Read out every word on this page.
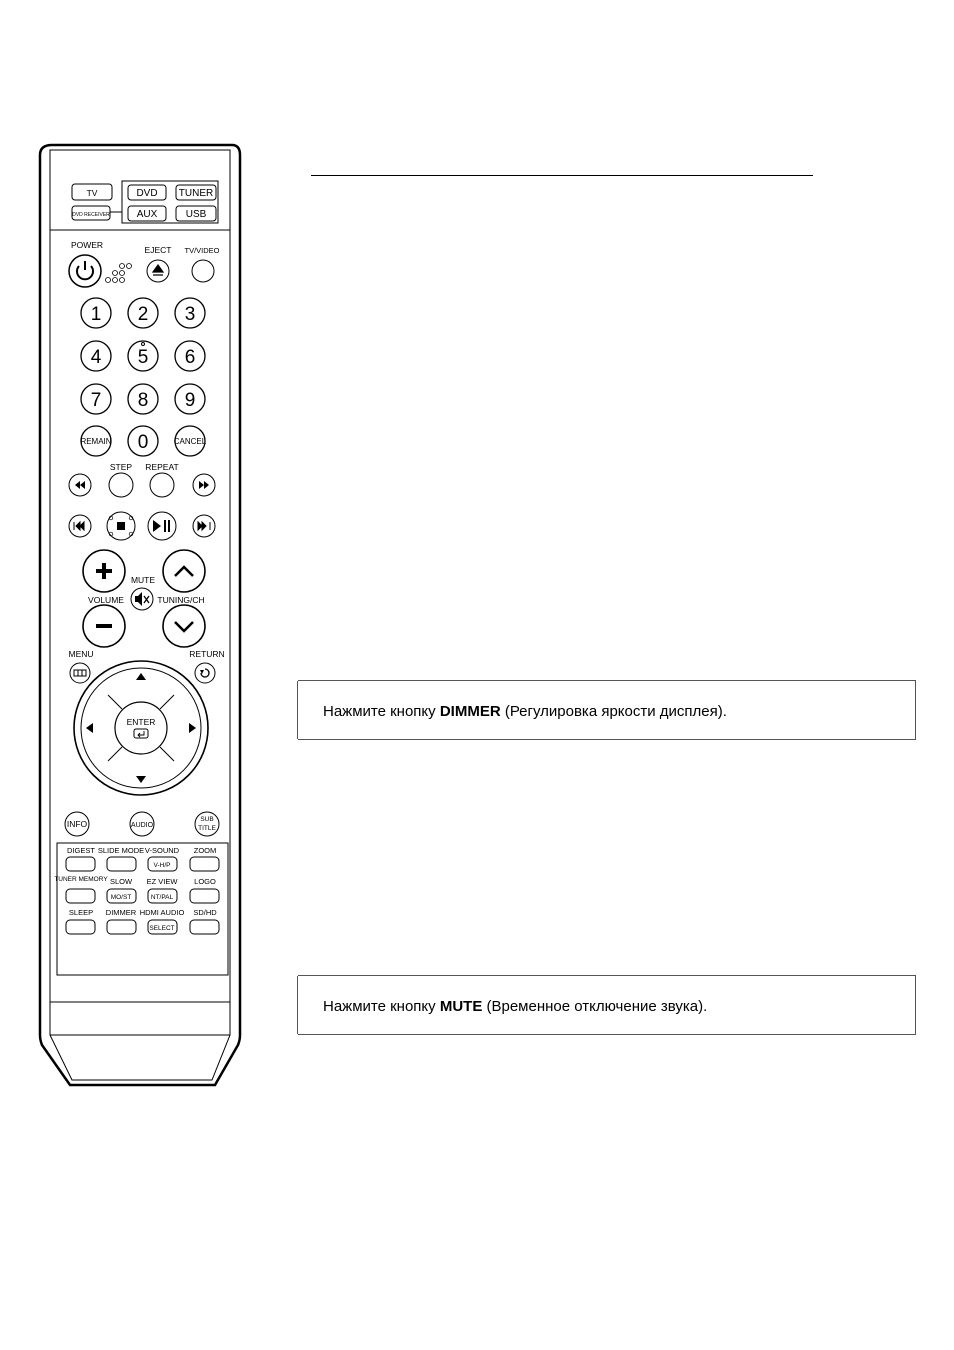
TV	DVD TUNER
DVD RECEIVER	AUX	USB
POWER	EJECT TV/VIDEO
1 2 3
4 5 6
7 8 9
REMAIN 0	CANCEL
STEP REPEAT
MUTE
VOLUME	TUNING/CH
MENU	RETURN
ENTER
INFO	AUDIO
SUB
TITLE
DIGEST SLIDE MODE V-SOUND ZOOM
V-H/P
TUNER MEMORY SLOW EZ VIEW LOGO
MO/ST	NT/PAL
SLEEP DIMMER HDMI AUDIO SD/HD
SELECT

Нажмите кнопку DIMMER (Регулировка яркости дисплея).

Нажмите кнопку MUTE (Временное отключение звука).
